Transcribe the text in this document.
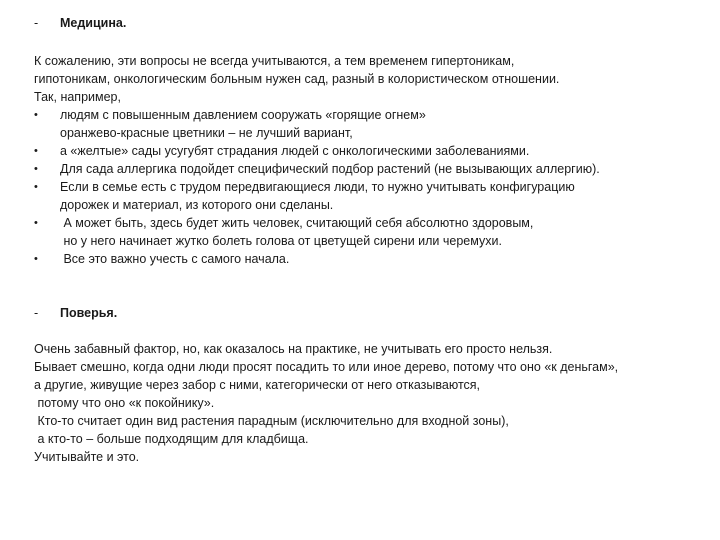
- Медицина.
К сожалению, эти вопросы не всегда учитываются, а тем временем гипертоникам,
гипотоникам, онкологическим больным нужен сад, разный в колористическом отношении.
Так, например,
•	людям с повышенным давлением сооружать «горящие огнем»
оранжево-красные цветники – не лучший вариант,
•	а «желтые» сады усугубят страдания людей с онкологическими заболеваниями.
•	Для сада аллергика подойдет специфический подбор растений (не вызывающих аллергию).
•	Если в семье есть с трудом передвигающиеся люди, то нужно учитывать конфигурацию
дорожек и материал, из которого они сделаны.
•	А может быть, здесь будет жить человек, считающий себя абсолютно здоровым,
но у него начинает жутко болеть голова от цветущей сирени или черемухи.
•	Все это важно учесть с самого начала.
- Поверья.
Очень забавный фактор, но, как оказалось на практике, не учитывать его просто нельзя.
Бывает смешно, когда одни люди просят посадить то или иное дерево, потому что оно «к деньгам»,
а другие, живущие через забор с ними, категорически от него отказываются,
потому что оно «к покойнику».
Кто-то считает один вид растения парадным (исключительно для входной зоны),
а кто-то – больше подходящим для кладбища.
Учитывайте и это.
